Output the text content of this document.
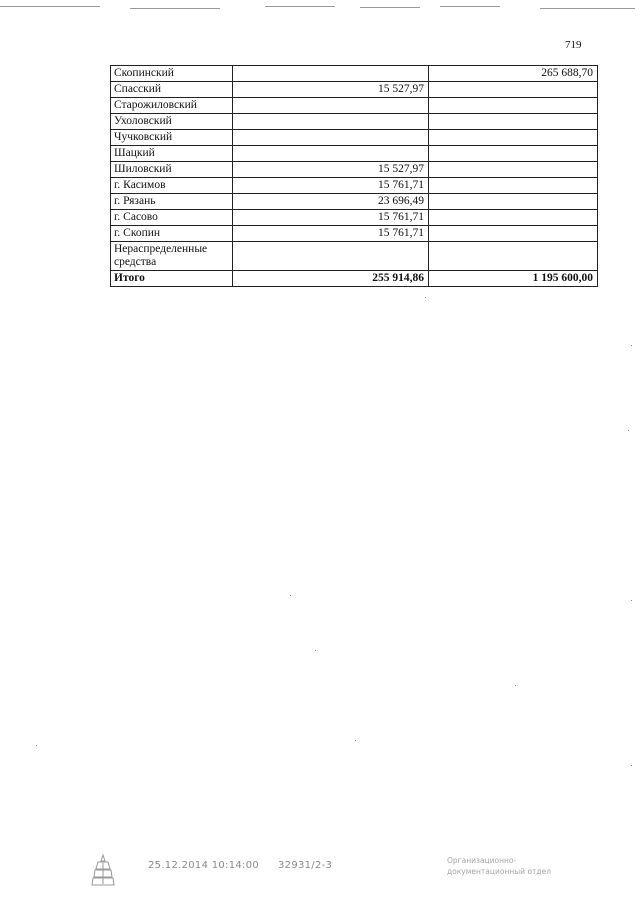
719
Скопинский		265 688,70
Спасский	15 527,97	
Старожиловский		
Ухоловский		
Чучковский		
Шацкий		
Шиловский	15 527,97	
г. Касимов	15 761,71	
г. Рязань	23 696,49	
г. Сасово	15 761,71	
г. Скопин	15 761,71	
Нераспределенные средства		
Итого	255 914,86	1 195 600,00
25.12.2014 10:14:00 32931/2-3	Организационно-
документационный отдел
